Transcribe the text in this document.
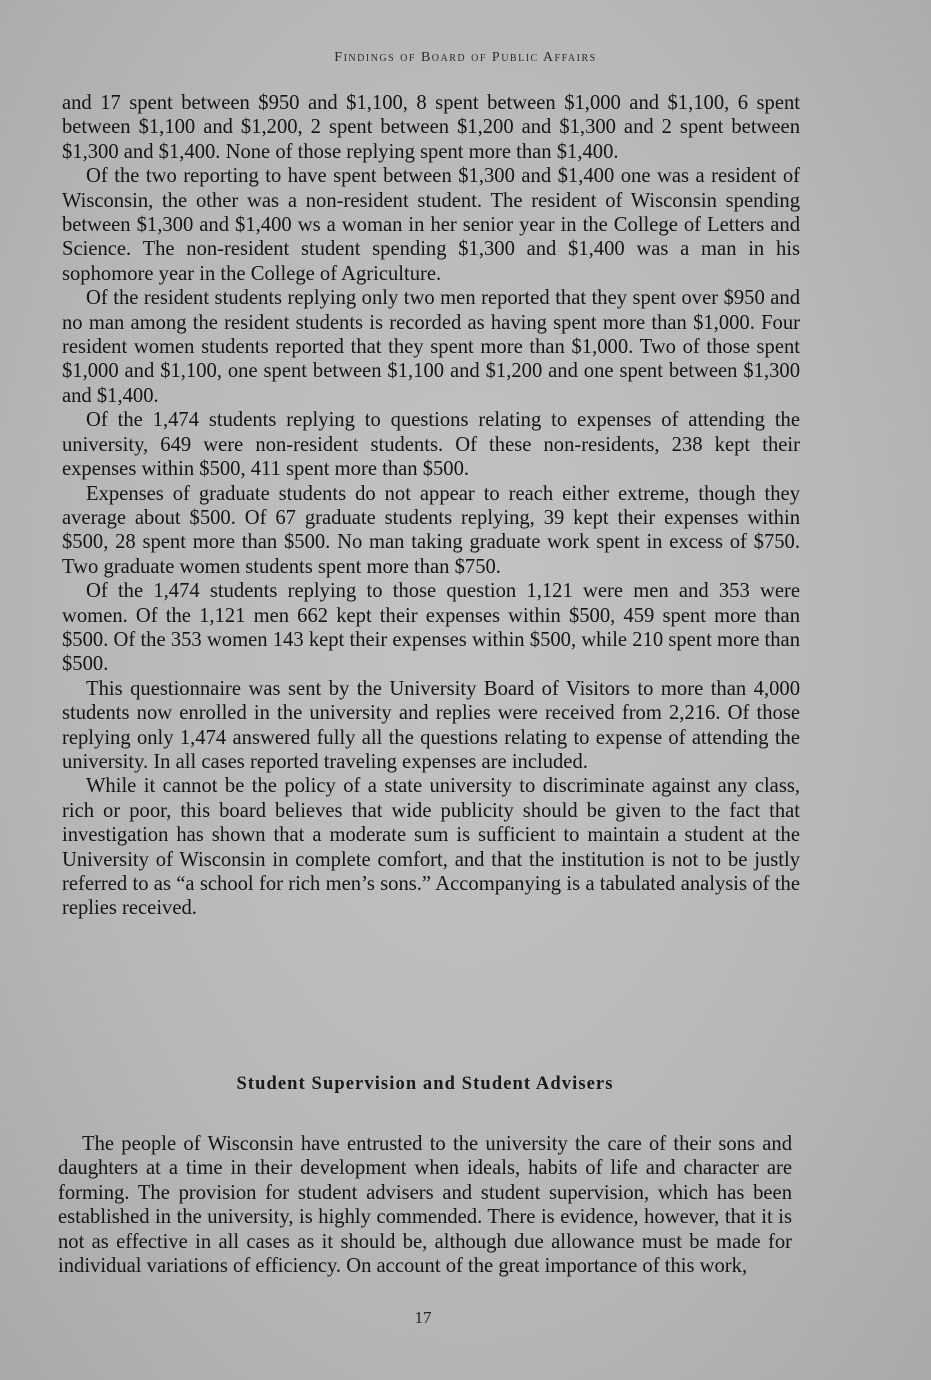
Findings of Board of Public Affairs

and 17 spent between $950 and $1,100, 8 spent between $1,000 and $1,100, 6 spent between $1,100 and $1,200, 2 spent between $1,200 and $1,300 and 2 spent between $1,300 and $1,400. None of those replying spent more than $1,400.

Of the two reporting to have spent between $1,300 and $1,400 one was a resident of Wisconsin, the other was a non-resident student. The resident of Wisconsin spending between $1,300 and $1,400 ws a woman in her senior year in the College of Letters and Science. The non-resident student spending $1,300 and $1,400 was a man in his sophomore year in the College of Agriculture.

Of the resident students replying only two men reported that they spent over $950 and no man among the resident students is recorded as having spent more than $1,000. Four resident women students reported that they spent more than $1,000. Two of those spent $1,000 and $1,100, one spent between $1,100 and $1,200 and one spent between $1,300 and $1,400.

Of the 1,474 students replying to questions relating to expenses of attending the university, 649 were non-resident students. Of these non-residents, 238 kept their expenses within $500, 411 spent more than $500.

Expenses of graduate students do not appear to reach either extreme, though they average about $500. Of 67 graduate students replying, 39 kept their expenses within $500, 28 spent more than $500. No man taking graduate work spent in excess of $750. Two graduate women students spent more than $750.

Of the 1,474 students replying to those question 1,121 were men and 353 were women. Of the 1,121 men 662 kept their expenses within $500, 459 spent more than $500. Of the 353 women 143 kept their expenses within $500, while 210 spent more than $500.

This questionnaire was sent by the University Board of Visitors to more than 4,000 students now enrolled in the university and replies were received from 2,216. Of those replying only 1,474 answered fully all the questions relating to expense of attending the university. In all cases reported traveling expenses are included.

While it cannot be the policy of a state university to discriminate against any class, rich or poor, this board believes that wide publicity should be given to the fact that investigation has shown that a moderate sum is sufficient to maintain a student at the University of Wisconsin in complete comfort, and that the institution is not to be justly referred to as “a school for rich men’s sons.” Accompanying is a tabulated analysis of the replies received.

Student Supervision and Student Advisers

The people of Wisconsin have entrusted to the university the care of their sons and daughters at a time in their development when ideals, habits of life and character are forming. The provision for student advisers and student supervision, which has been established in the university, is highly commended. There is evidence, however, that it is not as effective in all cases as it should be, although due allowance must be made for individual variations of efficiency. On account of the great importance of this work,

17
